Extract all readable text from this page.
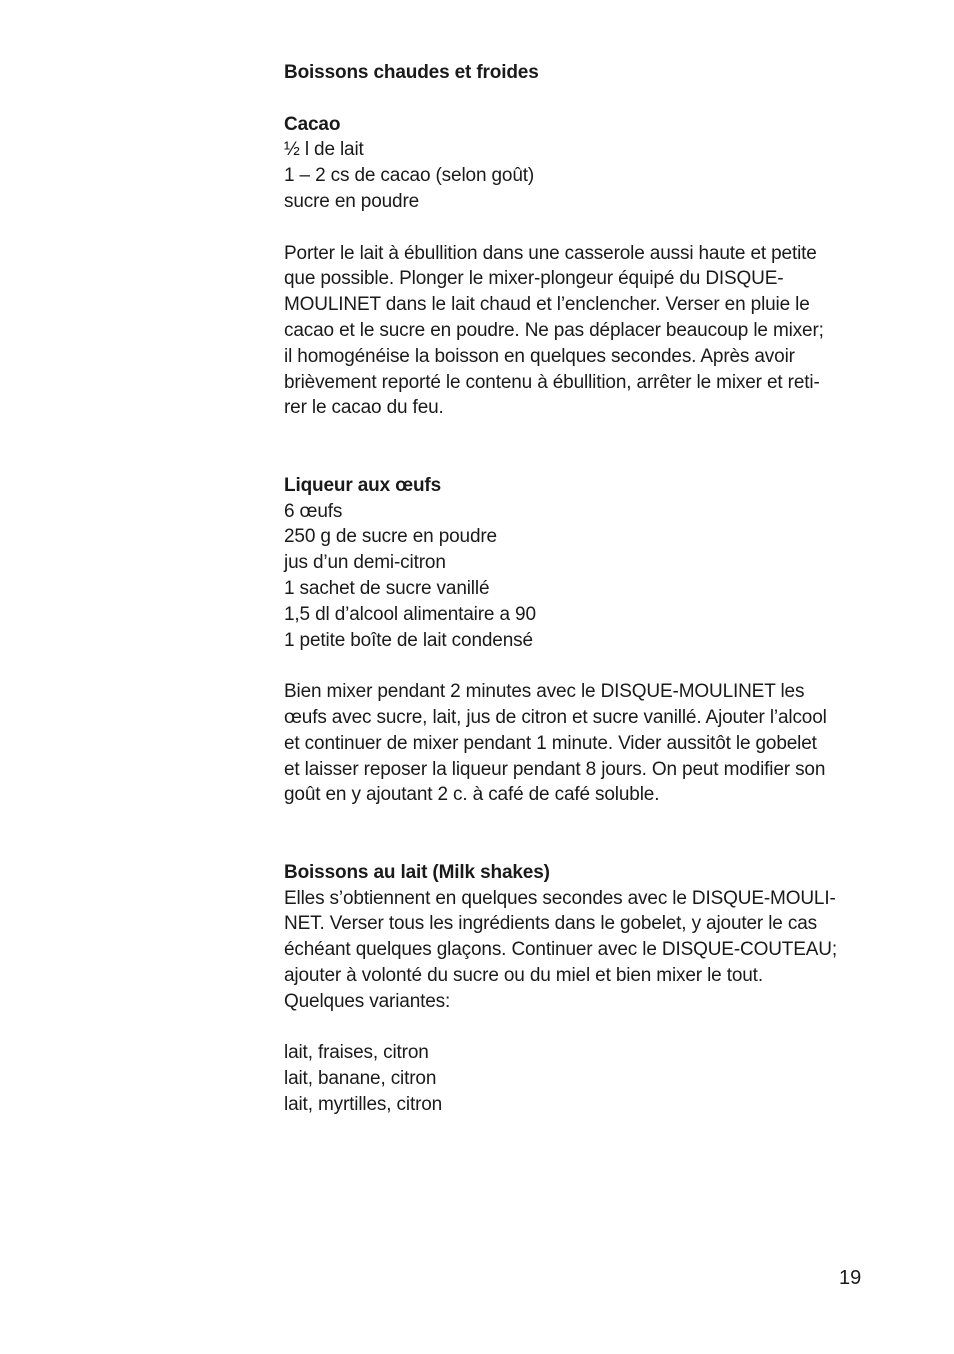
Boissons chaudes et froides
Cacao
½ l de lait
1 – 2 cs de cacao (selon goût)
sucre en poudre
Porter le lait à ébullition dans une casserole aussi haute et petite
que possible. Plonger le mixer-plongeur équipé du DISQUE-
MOULINET dans le lait chaud et l’enclencher. Verser en pluie le
cacao et le sucre en poudre. Ne pas déplacer beaucoup le mixer;
il homogénéise la boisson en quelques secondes. Après avoir
brièvement reporté le contenu à ébullition, arrêter le mixer et reti-
rer le cacao du feu.
Liqueur aux œufs
6 œufs
250 g de sucre en poudre
jus d’un demi-citron
1 sachet de sucre vanillé
1,5 dl d’alcool alimentaire a 90
1 petite boîte de lait condensé
Bien mixer pendant 2 minutes avec le DISQUE-MOULINET les
œufs avec sucre, lait, jus de citron et sucre vanillé. Ajouter l’alcool
et continuer de mixer pendant 1 minute. Vider aussitôt le gobelet
et laisser reposer la liqueur pendant 8 jours. On peut modifier son
goût en y ajoutant 2 c. à café de café soluble.
Boissons au lait (Milk shakes)
Elles s’obtiennent en quelques secondes avec le DISQUE-MOULI-
NET. Verser tous les ingrédients dans le gobelet, y ajouter le cas
échéant quelques glaçons. Continuer avec le DISQUE-COUTEAU;
ajouter à volonté du sucre ou du miel et bien mixer le tout.
Quelques variantes:
lait, fraises, citron
lait, banane, citron
lait, myrtilles, citron
19
